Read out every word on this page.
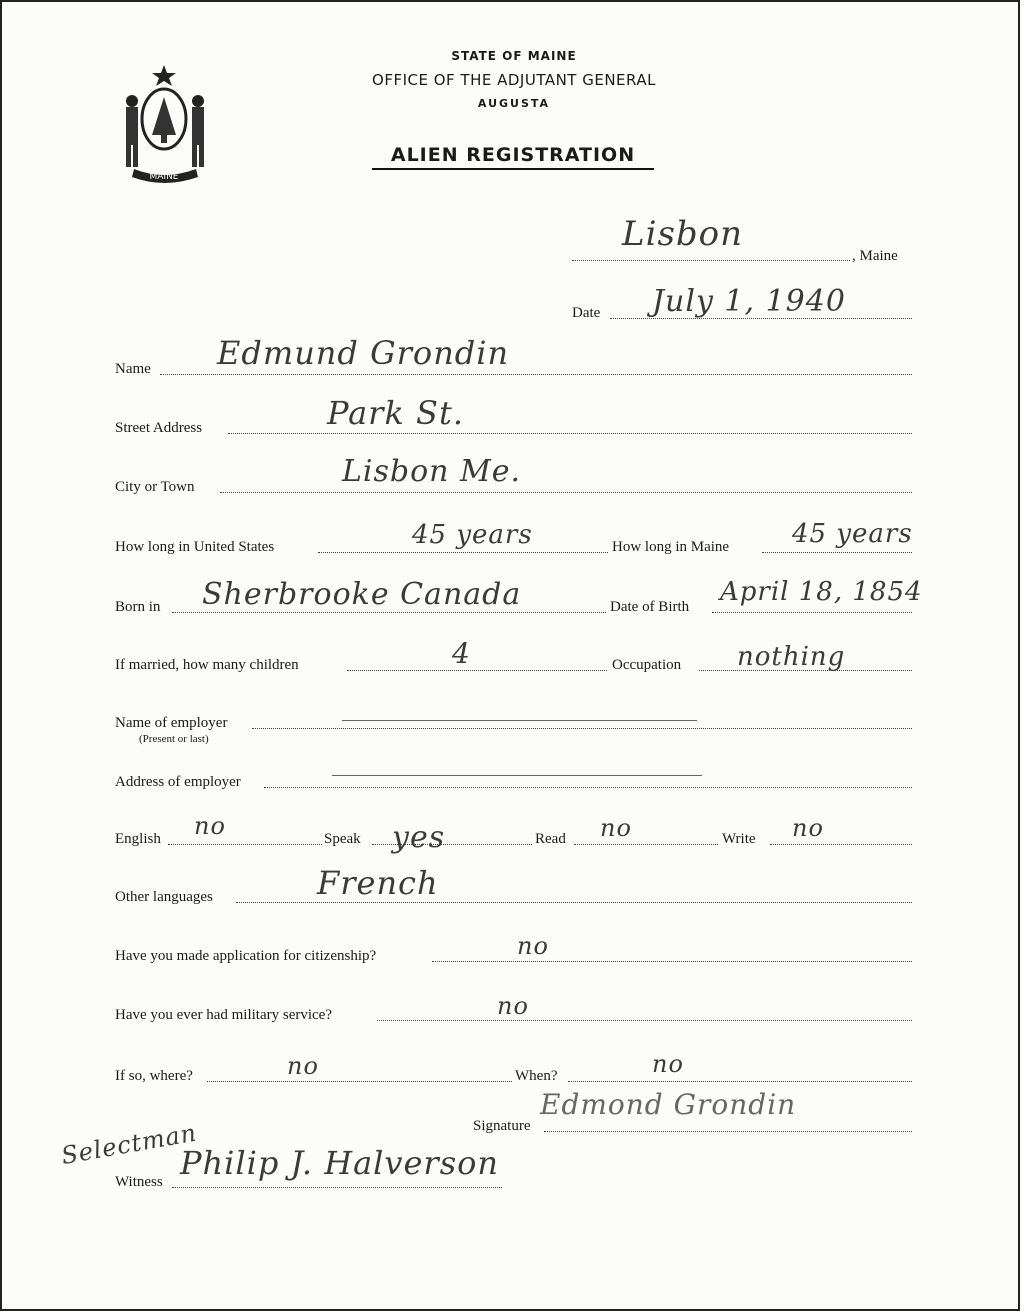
MAINE
STATE OF MAINE
OFFICE OF THE ADJUTANT GENERAL
AUGUSTA
ALIEN REGISTRATION
Lisbon
, Maine
Date July 1, 1940
Name Edmund Grondin
Street Address	Park St.
City or Town	Lisbon Me.
How long in United States	45 years	How long in Maine 45 years
Born in Sherbrooke Canada	Date of Birth April 18, 1854
If married, how many children	4	Occupation nothing
Name of employer
(Present or last)
Address of employer
English no	Speak yes	Read no	Write no
Other languages	French
Have you made application for citizenship?	no
Have you ever had military service?	no
If so, where?	no	When?	no
Signature
Edmond Grondin
Selectman
Witness Philip J. Halverson
